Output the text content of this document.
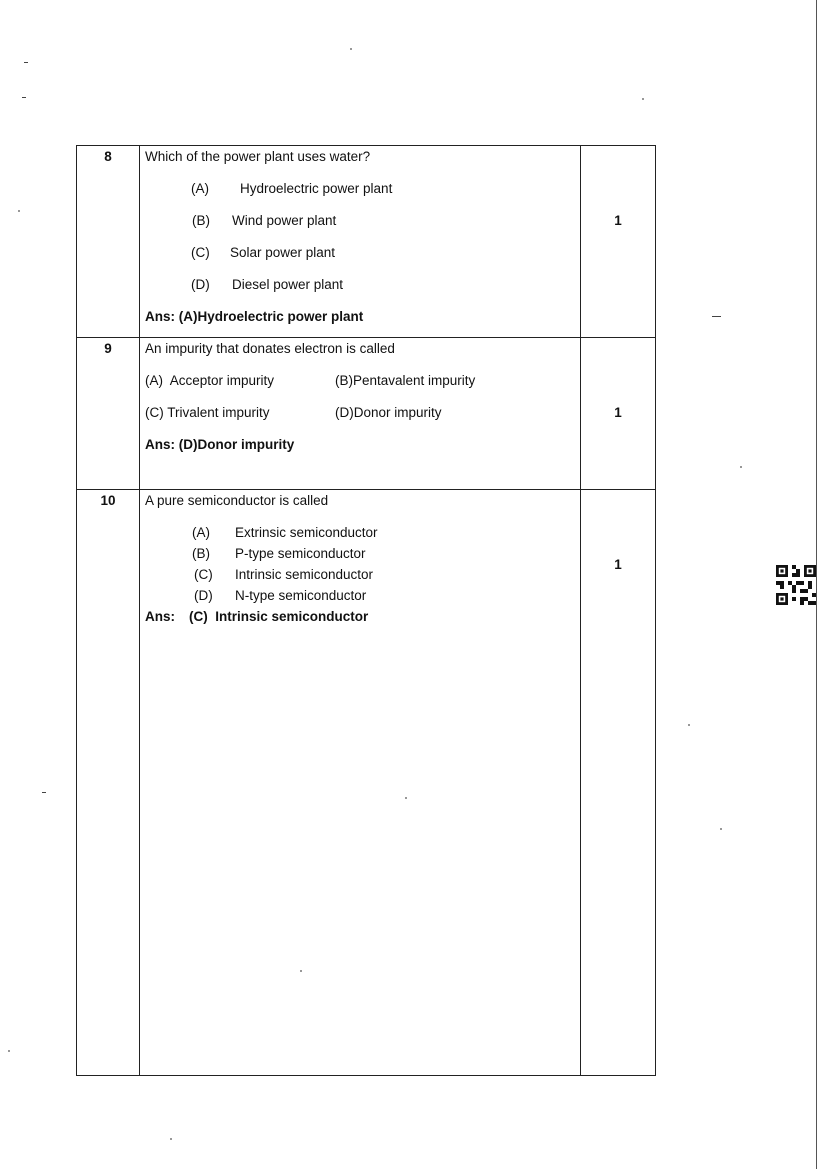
8	Which of the power plant uses water?
(A) Hydroelectric power plant
(B) Wind power plant
(C) Solar power plant
(D) Diesel power plant
Ans: (A)Hydroelectric power plant
1
9	An impurity that donates electron is called
(A)  Acceptor impurity	(B)Pentavalent impurity
(C) Trivalent impurity	(D)Donor impurity
Ans: (D)Donor impurity
1
10	A pure semiconductor is called
(A) Extrinsic semiconductor
(B) P-type semiconductor
(C) Intrinsic semiconductor
(D) N-type semiconductor
Ans: (C)  Intrinsic semiconductor
1
